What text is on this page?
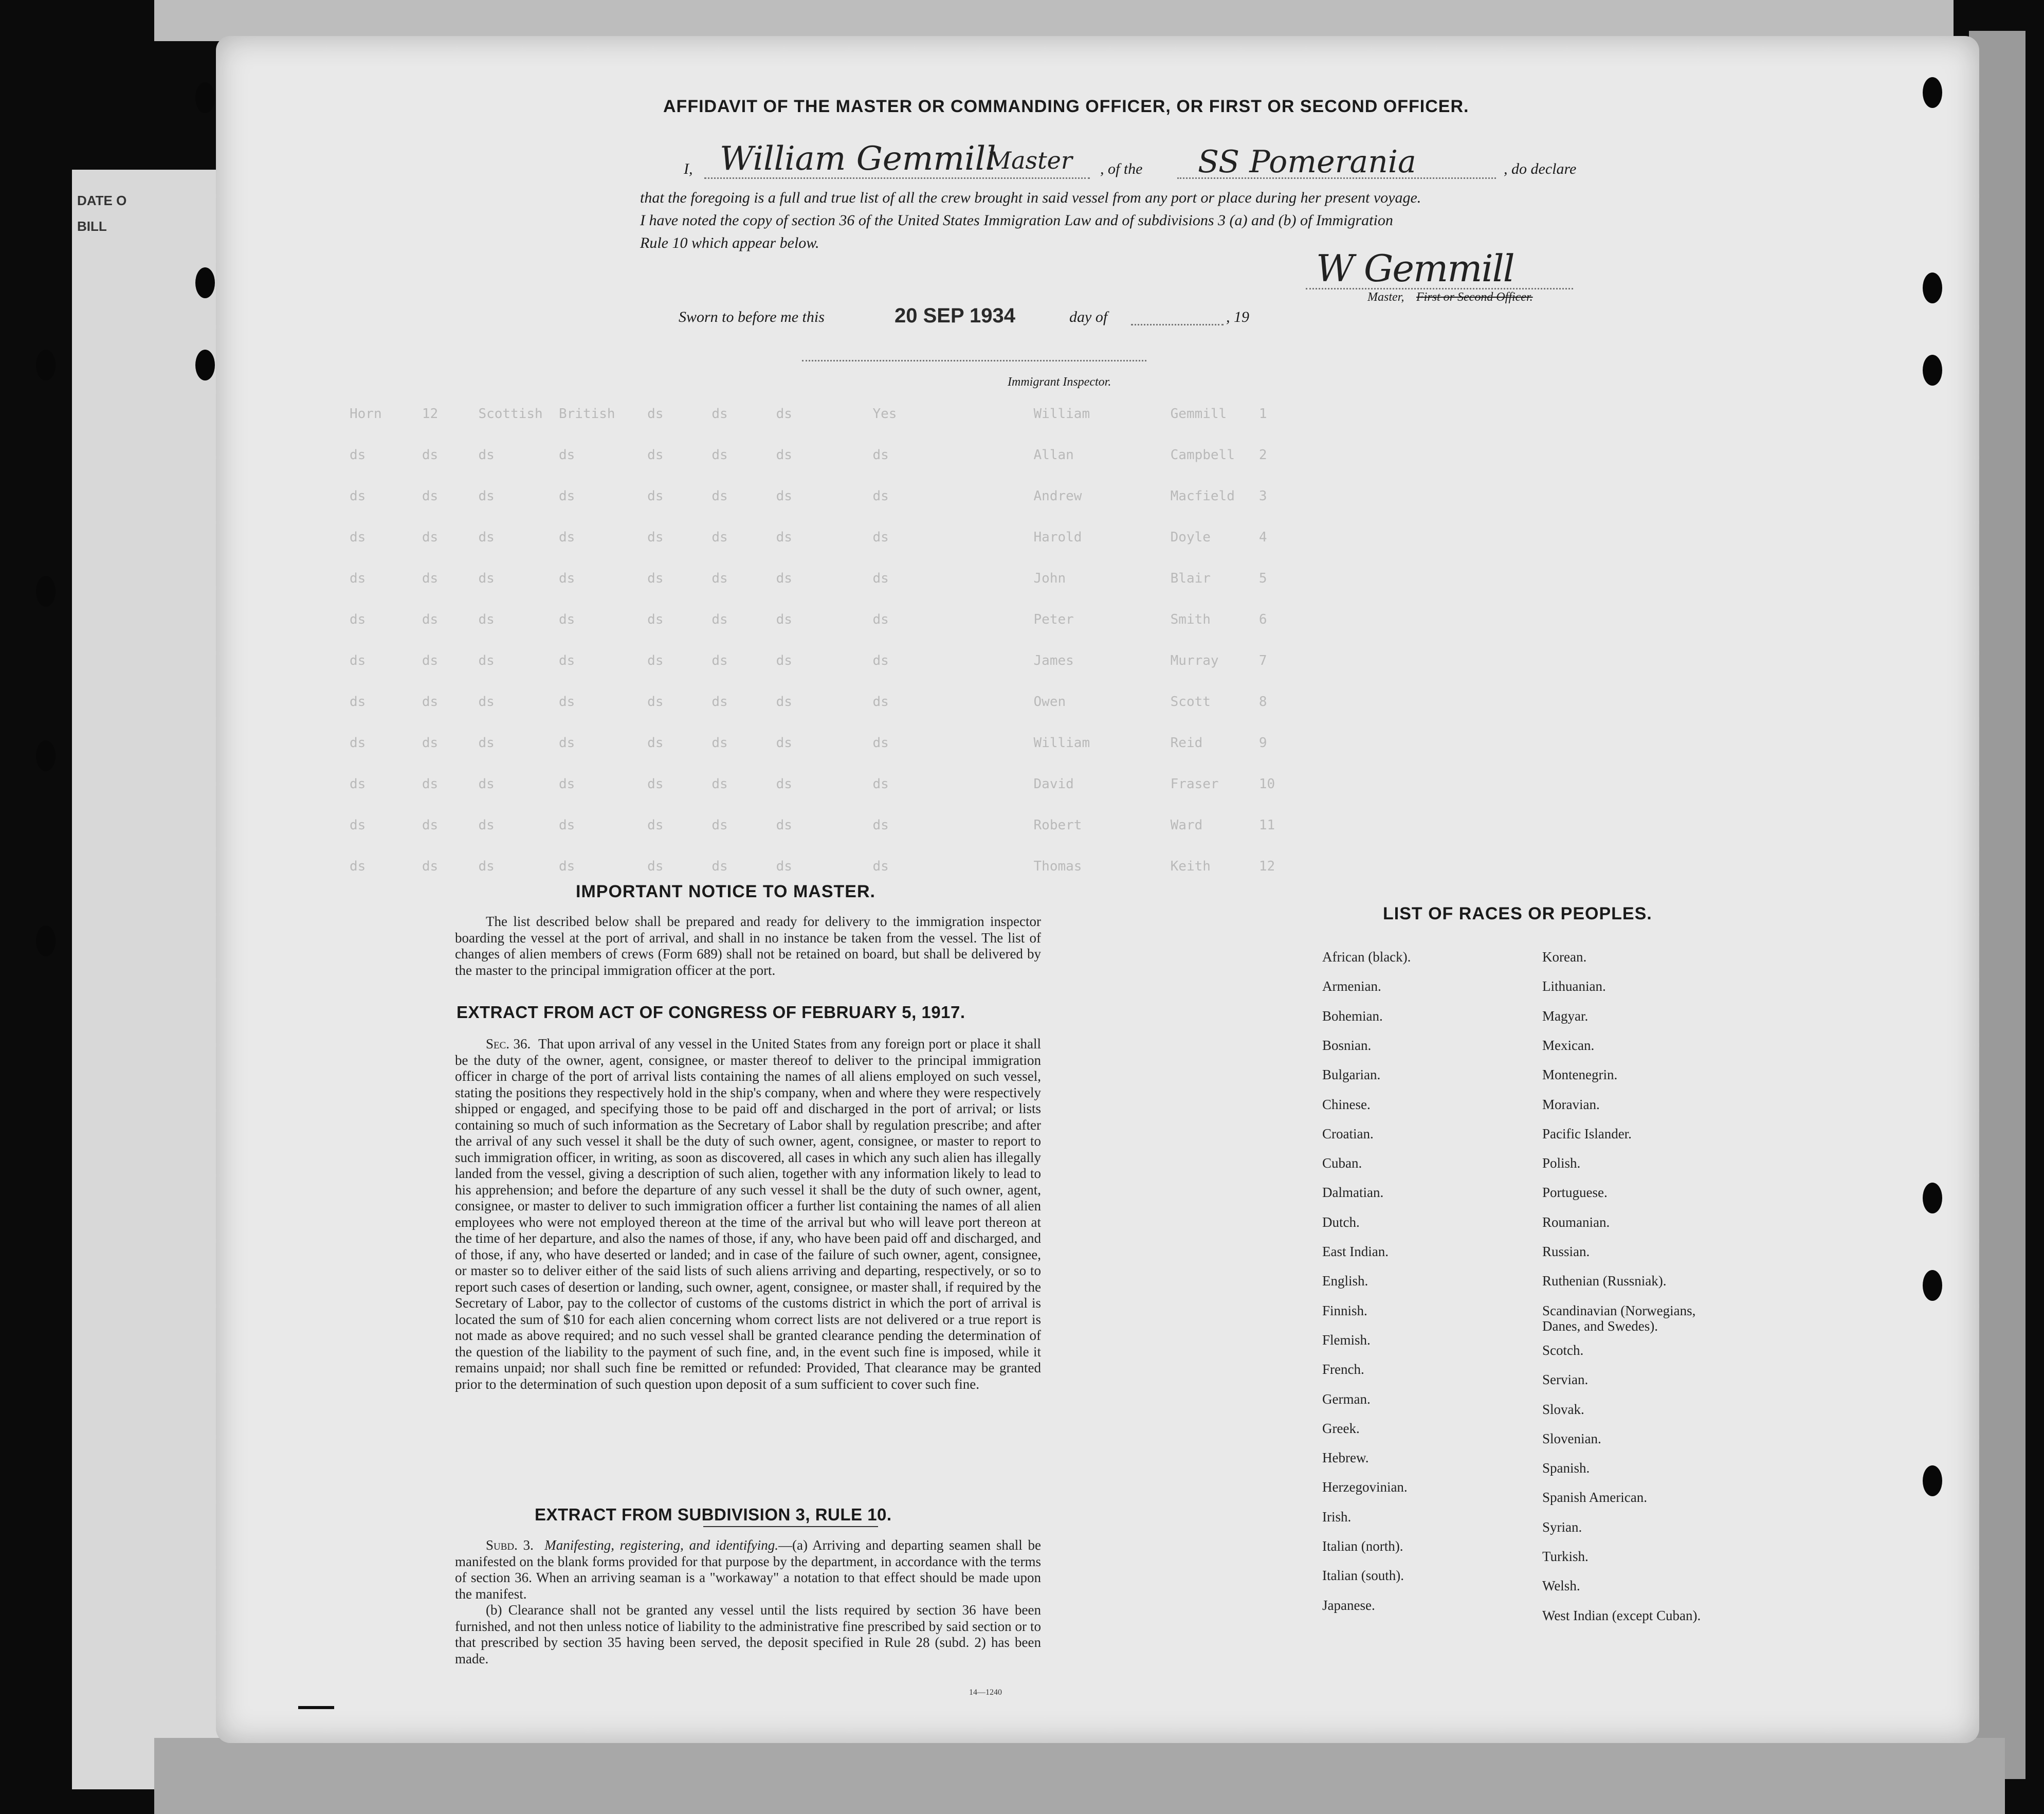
DATE O
BILL
Horn     12     Scottish  British    ds      ds      ds          Yes                 William          Gemmill    1
ds       ds     ds        ds         ds      ds      ds          ds                  Allan            Campbell   2
ds       ds     ds        ds         ds      ds      ds          ds                  Andrew           Macfield   3
ds       ds     ds        ds         ds      ds      ds          ds                  Harold           Doyle      4
ds       ds     ds        ds         ds      ds      ds          ds                  John             Blair      5
ds       ds     ds        ds         ds      ds      ds          ds                  Peter            Smith      6
ds       ds     ds        ds         ds      ds      ds          ds                  James            Murray     7
ds       ds     ds        ds         ds      ds      ds          ds                  Owen             Scott      8
ds       ds     ds        ds         ds      ds      ds          ds                  William          Reid       9
ds       ds     ds        ds         ds      ds      ds          ds                  David            Fraser     10
ds       ds     ds        ds         ds      ds      ds          ds                  Robert           Ward       11
ds       ds     ds        ds         ds      ds      ds          ds                  Thomas           Keith      12
AFFIDAVIT OF THE MASTER OR COMMANDING OFFICER, OR FIRST OR SECOND OFFICER.
I, William Gemmill
Master , of the SS Pomerania	, do declare
that the foregoing is a full and true list of all the crew brought in said vessel from any port or place during her present voyage.
I have noted the copy of section 36 of the United States Immigration Law and of subdivisions 3 (a) and (b) of Immigration
Rule 10 which appear below.
W Gemmill
Master, First or Second Officer.
Sworn to before me this	20 SEP 1934	day of	, 19
Immigrant Inspector.
IMPORTANT NOTICE TO MASTER.

The list described below shall be prepared and ready for delivery to the immigration inspector boarding the vessel at the port of arrival, and shall in no instance be taken from the vessel. The list of changes of alien members of crews (Form 689) shall not be retained on board, but shall be delivered by the master to the principal immigration officer at the port.

EXTRACT FROM ACT OF CONGRESS OF FEBRUARY 5, 1917.

Sec. 36. That upon arrival of any vessel in the United States from any foreign port or place it shall be the duty of the owner, agent, consignee, or master thereof to deliver to the principal immigration officer in charge of the port of arrival lists containing the names of all aliens employed on such vessel, stating the positions they respectively hold in the ship's company, when and where they were respectively shipped or engaged, and specifying those to be paid off and discharged in the port of arrival; or lists containing so much of such information as the Secretary of Labor shall by regulation prescribe; and after the arrival of any such vessel it shall be the duty of such owner, agent, consignee, or master to report to such immigration officer, in writing, as soon as discovered, all cases in which any such alien has illegally landed from the vessel, giving a description of such alien, together with any information likely to lead to his apprehension; and before the departure of any such vessel it shall be the duty of such owner, agent, consignee, or master to deliver to such immigration officer a further list containing the names of all alien employees who were not employed thereon at the time of the arrival but who will leave port thereon at the time of her departure, and also the names of those, if any, who have been paid off and discharged, and of those, if any, who have deserted or landed; and in case of the failure of such owner, agent, consignee, or master so to deliver either of the said lists of such aliens arriving and departing, respectively, or so to report such cases of desertion or landing, such owner, agent, consignee, or master shall, if required by the Secretary of Labor, pay to the collector of customs of the customs district in which the port of arrival is located the sum of $10 for each alien concerning whom correct lists are not delivered or a true report is not made as above required; and no such vessel shall be granted clearance pending the determination of the question of the liability to the payment of such fine, and, in the event such fine is imposed, while it remains unpaid; nor shall such fine be remitted or refunded: Provided, That clearance may be granted prior to the determination of such question upon deposit of a sum sufficient to cover such fine.

EXTRACT FROM SUBDIVISION 3, RULE 10.

Subd. 3. Manifesting, registering, and identifying.—(a) Arriving and departing seamen shall be manifested on the blank forms provided for that purpose by the department, in accordance with the terms of section 36. When an arriving seaman is a "workaway" a notation to that effect should be made upon the manifest.

(b) Clearance shall not be granted any vessel until the lists required by section 36 have been furnished, and not then unless notice of liability to the administrative fine prescribed by said section or to that prescribed by section 35 having been served, the deposit specified in Rule 28 (subd. 2) has been made.

14—1240
LIST OF RACES OR PEOPLES.
African (black).
Armenian.
Bohemian.
Bosnian.
Bulgarian.
Chinese.
Croatian.
Cuban.
Dalmatian.
Dutch.
East Indian.
English.
Finnish.
Flemish.
French.
German.
Greek.
Hebrew.
Herzegovinian.
Irish.
Italian (north).
Italian (south).
Japanese.
Korean.
Lithuanian.
Magyar.
Mexican.
Montenegrin.
Moravian.
Pacific Islander.
Polish.
Portuguese.
Roumanian.
Russian.
Ruthenian (Russniak).
Scandinavian (Norwegians, Danes, and Swedes).
Scotch.
Servian.
Slovak.
Slovenian.
Spanish.
Spanish American.
Syrian.
Turkish.
Welsh.
West Indian (except Cuban).
